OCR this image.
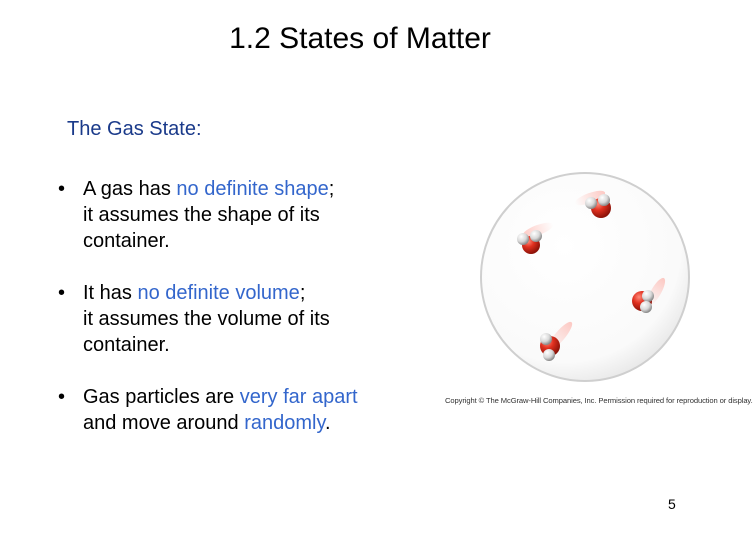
1.2 States of Matter
The Gas State:
• A gas has no definite shape;
it assumes the shape of its
container.
• It has no definite volume;
it assumes the volume of its
container.
• Gas particles are very far apart
and move around randomly.
Copyright © The McGraw-Hill Companies, Inc. Permission required for reproduction or display.
5
